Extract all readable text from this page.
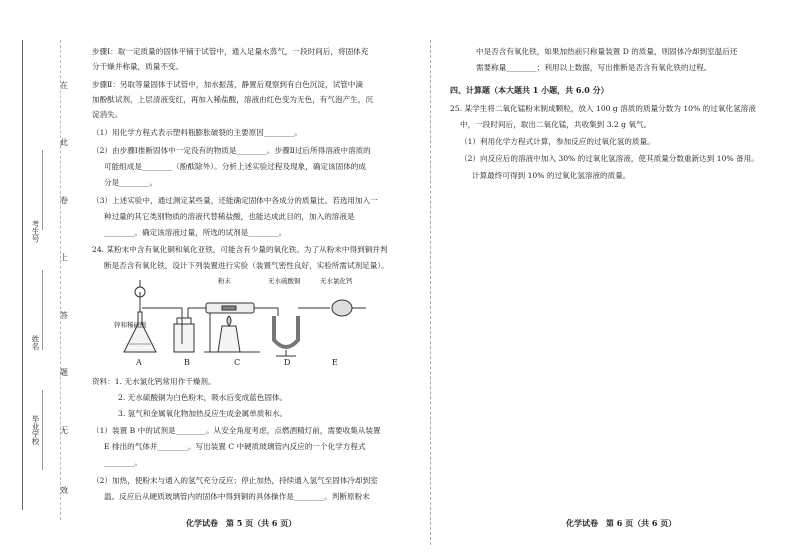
在
此
卷
上
答
题
无
效
考生号
姓名
毕业学校
步骤Ⅰ：取一定质量的固体平铺于试管中，通入足量水蒸气，一段时间后，将固体充
分干燥并称量，质量不变。
步骤Ⅱ：另取等量固体于试管中，加水振荡，静置后观察到有白色沉淀，试管中滴
加酚酞试剂，上层清液变红，再加入稀盐酸，溶液由红色变为无色，有气泡产生，沉
淀消失。
（1）用化学方程式表示塑料瓶膨胀破裂的主要原因________。
（2）由步骤Ⅰ推断固体中一定没有的物质是________。步骤Ⅱ过后所得溶液中溶质的
可能组成是________（酚酞除外）。分析上述实验过程及现象，确定该固体的成
分是________。
（3）上述实验中，通过测定某些量，还能确定固体中各成分的质量比。若选用加入一
种过量的其它类别物质的溶液代替稀盐酸，也能达成此目的，加入的溶液是
________。确定该溶液过量，所选的试剂是________。
24. 某粉末中含有氧化铜和氧化亚铁，可能含有少量的氧化铁。为了从粉末中得到铜并判
断是否含有氧化铁，设计下列装置进行实验（装置气密性良好，实验所需试剂足量）。
锌和稀硫酸
粉末	无水硫酸铜	无水氯化钙
A	B	C	D	E
资料：1. 无水氯化钙常用作干燥剂。
2. 无水硫酸铜为白色粉末，吸水后变成蓝色固体。
3. 氢气和金属氧化物加热反应生成金属单质和水。
（1）装置 B 中的试剂是________。从安全角度考虑，点燃酒精灯前，需要收集从装置
E 排出的气体并________。写出装置 C 中硬质玻璃管内反应的一个化学方程式
________。
（2）加热，使粉末与通入的氢气充分反应；停止加热，持续通入氢气至固体冷却到室
温。反应后从硬质玻璃管内的固体中得到铜的具体操作是________。判断原粉末
化学试卷　第 5 页（共 6 页）
中是否含有氧化铁，如果加热前只称量装置 D 的质量，则固体冷却到室温后还
需要称量________；利用以上数据，写出推断是否含有氧化铁的过程。
四、计算题（本大题共 1 小题，共 6.0 分）
25. 某学生将二氧化锰粉末制成颗粒，放入 100 g 溶质的质量分数为 10% 的过氧化氢溶液
中，一段时间后，取出二氧化锰，共收集到 3.2 g 氧气。
（1）利用化学方程式计算，参加反应的过氧化氢的质量。
（2）向反应后的溶液中加入 30% 的过氧化氢溶液，使其质量分数重新达到 10% 备用。
计算最终可得到 10% 的过氧化氢溶液的质量。
化学试卷　第 6 页（共 6 页）
